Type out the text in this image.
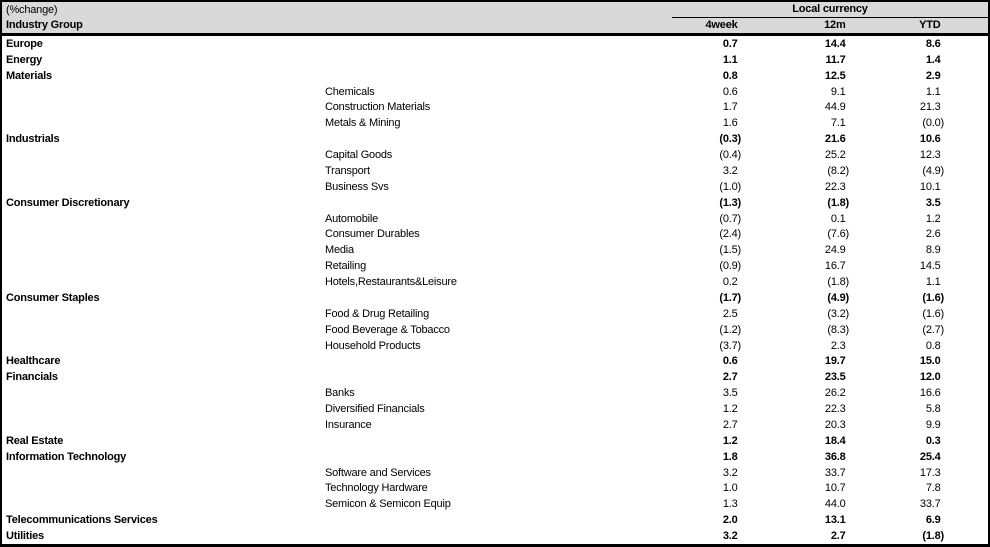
(%change)	Local currency
Industry Group	4week	12m	YTD
Europe	0.7	14.4	8.6
Energy	1.1	11.7	1.4
Materials	0.8	12.5	2.9
Chemicals	0.6	9.1	1.1
Construction Materials	1.7	44.9	21.3
Metals & Mining	1.6	7.1	(0.0)
Industrials	(0.3)	21.6	10.6
Capital Goods	(0.4)	25.2	12.3
Transport	3.2	(8.2)	(4.9)
Business Svs	(1.0)	22.3	10.1
Consumer Discretionary	(1.3)	(1.8)	3.5
Automobile	(0.7)	0.1	1.2
Consumer Durables	(2.4)	(7.6)	2.6
Media	(1.5)	24.9	8.9
Retailing	(0.9)	16.7	14.5
Hotels,Restaurants&Leisure	0.2	(1.8)	1.1
Consumer Staples	(1.7)	(4.9)	(1.6)
Food & Drug Retailing	2.5	(3.2)	(1.6)
Food Beverage & Tobacco	(1.2)	(8.3)	(2.7)
Household Products	(3.7)	2.3	0.8
Healthcare	0.6	19.7	15.0
Financials	2.7	23.5	12.0
Banks	3.5	26.2	16.6
Diversified Financials	1.2	22.3	5.8
Insurance	2.7	20.3	9.9
Real Estate	1.2	18.4	0.3
Information Technology	1.8	36.8	25.4
Software and Services	3.2	33.7	17.3
Technology Hardware	1.0	10.7	7.8
Semicon & Semicon Equip	1.3	44.0	33.7
Telecommunications Services	2.0	13.1	6.9
Utilities	3.2	2.7	(1.8)
